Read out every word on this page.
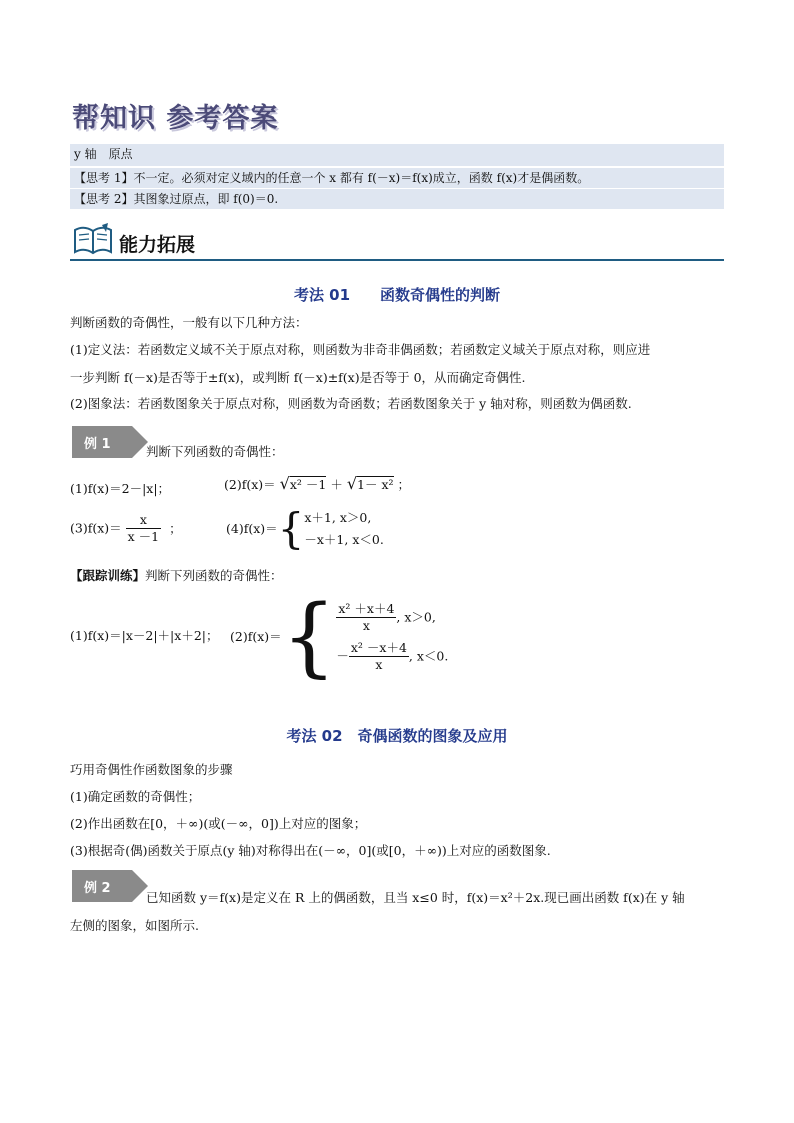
帮知识 参考答案
y 轴　原点
【思考 1】不一定。必须对定义域内的任意一个 x 都有 f(－x)＝f(x)成立，函数 f(x)才是偶函数。
【思考 2】其图象过原点，即 f(0)＝0.
能力拓展
考法 01　　函数奇偶性的判断
判断函数的奇偶性，一般有以下几种方法：
(1)定义法：若函数定义域不关于原点对称，则函数为非奇非偶函数；若函数定义域关于原点对称，则应进
一步判断 f(－x)是否等于±f(x)，或判断 f(－x)±f(x)是否等于 0，从而确定奇偶性.
(2)图象法：若函数图象关于原点对称，则函数为奇函数；若函数图象关于 y 轴对称，则函数为偶函数.
例 1	判断下列函数的奇偶性：
(1)f(x)＝2－|x|；	(2)f(x)＝ √x² －1 ＋ √1－ x² ；
$(3)f(x)= \frac{x}{x -1}$ ；	(4)f(x)＝{ x＋1, x＞0,
－x＋1, x＜0.
【跟踪训练】判断下列函数的奇偶性：
(1)f(x)＝|x－2|＋|x＋2|； $(2)f(x)=\{ \frac{\text{x² ＋x＋4}}{x}$ , x＞0,
－ $\frac{\text{x² －x＋4}}{x}$ , x＜0.
考法 02　奇偶函数的图象及应用
巧用奇偶性作函数图象的步骤
(1)确定函数的奇偶性；
(2)作出函数在[0，＋∞)(或(－∞，0])上对应的图象；
(3)根据奇(偶)函数关于原点(y 轴)对称得出在(－∞，0](或[0，＋∞))上对应的函数图象.
例 2
已知函数 y＝f(x)是定义在 R 上的偶函数，且当 x≤0 时，f(x)＝x²＋2x.现已画出函数 f(x)在 y 轴
左侧的图象，如图所示.
